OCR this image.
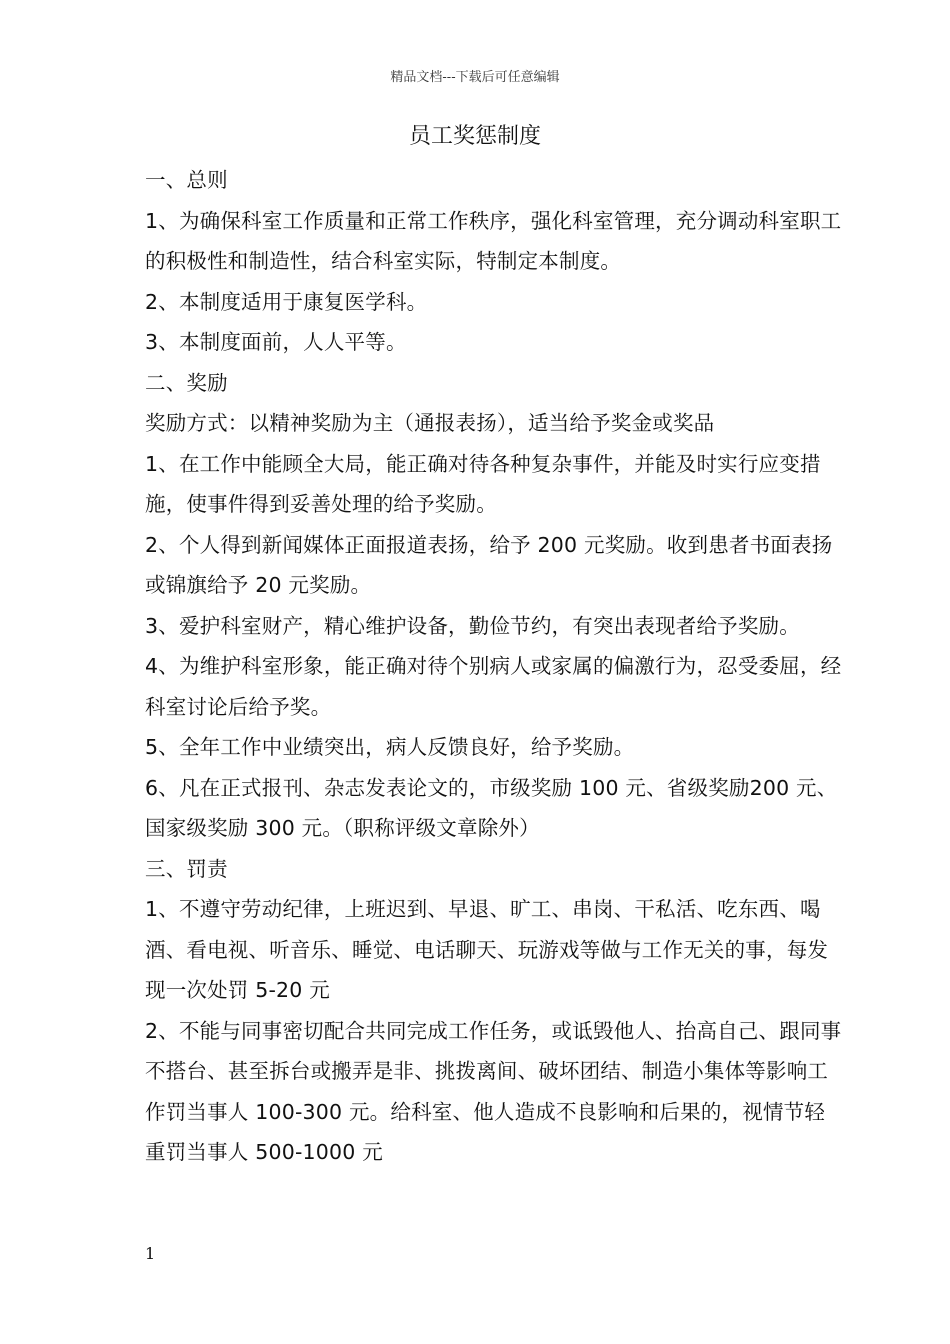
精品文档---下载后可任意编辑
员工奖惩制度

一、总则

1、为确保科室工作质量和正常工作秩序，强化科室管理，充分调动科室职工的积极性和制造性，结合科室实际，特制定本制度。

2、本制度适用于康复医学科。

3、本制度面前，人人平等。

二、奖励

奖励方式：以精神奖励为主（通报表扬），适当给予奖金或奖品

1、在工作中能顾全大局，能正确对待各种复杂事件，并能及时实行应变措施，使事件得到妥善处理的给予奖励。

2、个人得到新闻媒体正面报道表扬，给予 200 元奖励。收到患者书面表扬或锦旗给予 20 元奖励。

3、爱护科室财产，精心维护设备，勤俭节约，有突出表现者给予奖励。

4、为维护科室形象，能正确对待个别病人或家属的偏激行为，忍受委屈，经科室讨论后给予奖。

5、全年工作中业绩突出，病人反馈良好，给予奖励。

6、凡在正式报刊、杂志发表论文的，市级奖励 100 元、省级奖励200 元、国家级奖励 300 元。（职称评级文章除外）

三、罚责

1、不遵守劳动纪律，上班迟到、早退、旷工、串岗、干私活、吃东西、喝酒、看电视、听音乐、睡觉、电话聊天、玩游戏等做与工作无关的事，每发现一次处罚 5-20 元

2、不能与同事密切配合共同完成工作任务，或诋毁他人、抬高自己、跟同事不搭台、甚至拆台或搬弄是非、挑拨离间、破坏团结、制造小集体等影响工作罚当事人 100-300 元。给科室、他人造成不良影响和后果的，视情节轻重罚当事人 500-1000 元

1
